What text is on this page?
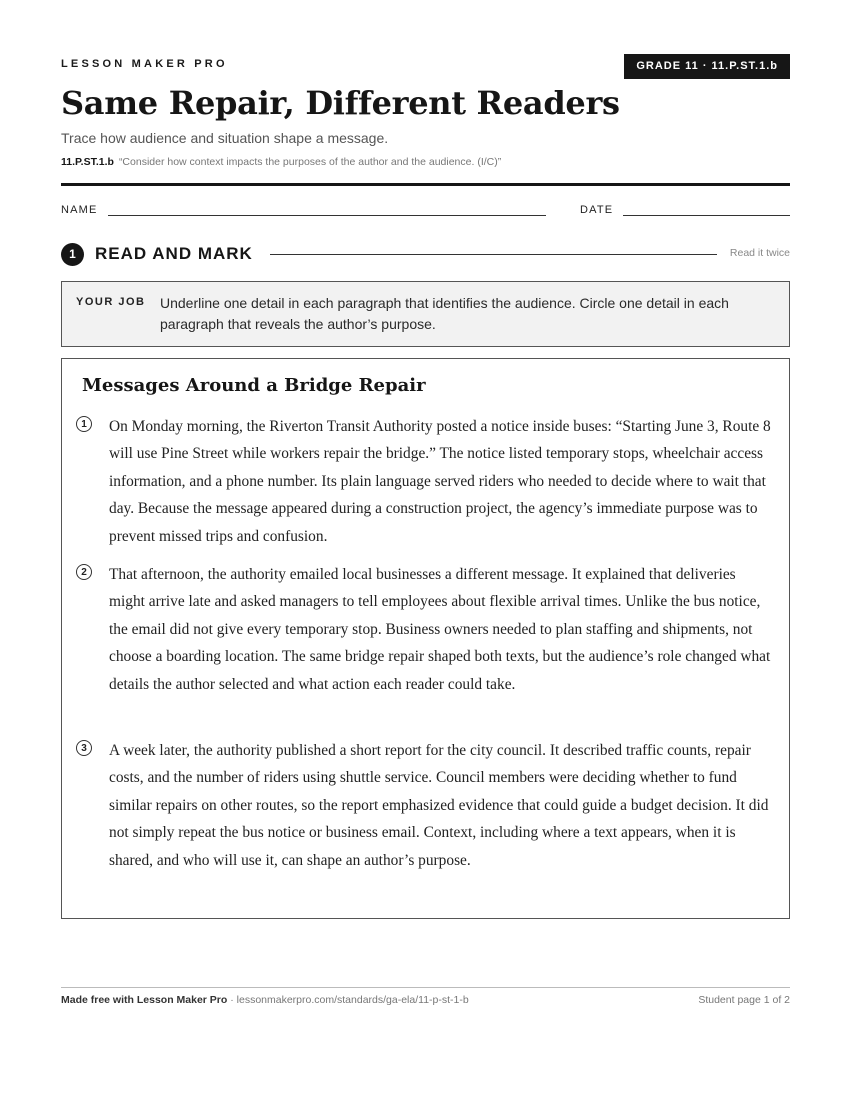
LESSON MAKER PRO	GRADE 11 · 11.P.ST.1.b
Same Repair, Different Readers
Trace how audience and situation shape a message.
11.P.ST.1.b “Consider how context impacts the purposes of the author and the audience. (I/C)”
NAME	DATE
1	READ AND MARK	Read it twice
YOUR JOB Underline one detail in each paragraph that identifies the audience. Circle one detail in each paragraph that reveals the author’s purpose.
Messages Around a Bridge Repair
1	On Monday morning, the Riverton Transit Authority posted a notice inside buses: “Starting June 3, Route 8 will use Pine Street while workers repair the bridge.” The notice listed temporary stops, wheelchair access information, and a phone number. Its plain language served riders who needed to decide where to wait that day. Because the message appeared during a construction project, the agency’s immediate purpose was to prevent missed trips and confusion.

2	That afternoon, the authority emailed local businesses a different message. It explained that deliveries might arrive late and asked managers to tell employees about flexible arrival times. Unlike the bus notice, the email did not give every temporary stop. Business owners needed to plan staffing and shipments, not choose a boarding location. The same bridge repair shaped both texts, but the audience’s role changed what details the author selected and what action each reader could take.

3	A week later, the authority published a short report for the city council. It described traffic counts, repair costs, and the number of riders using shuttle service. Council members were deciding whether to fund similar repairs on other routes, so the report emphasized evidence that could guide a budget decision. It did not simply repeat the bus notice or business email. Context, including where a text appears, when it is shared, and who will use it, can shape an author’s purpose.

Made free with Lesson Maker Pro · lessonmakerpro.com/standards/ga-ela/11-p-st-1-b	Student page 1 of 2
